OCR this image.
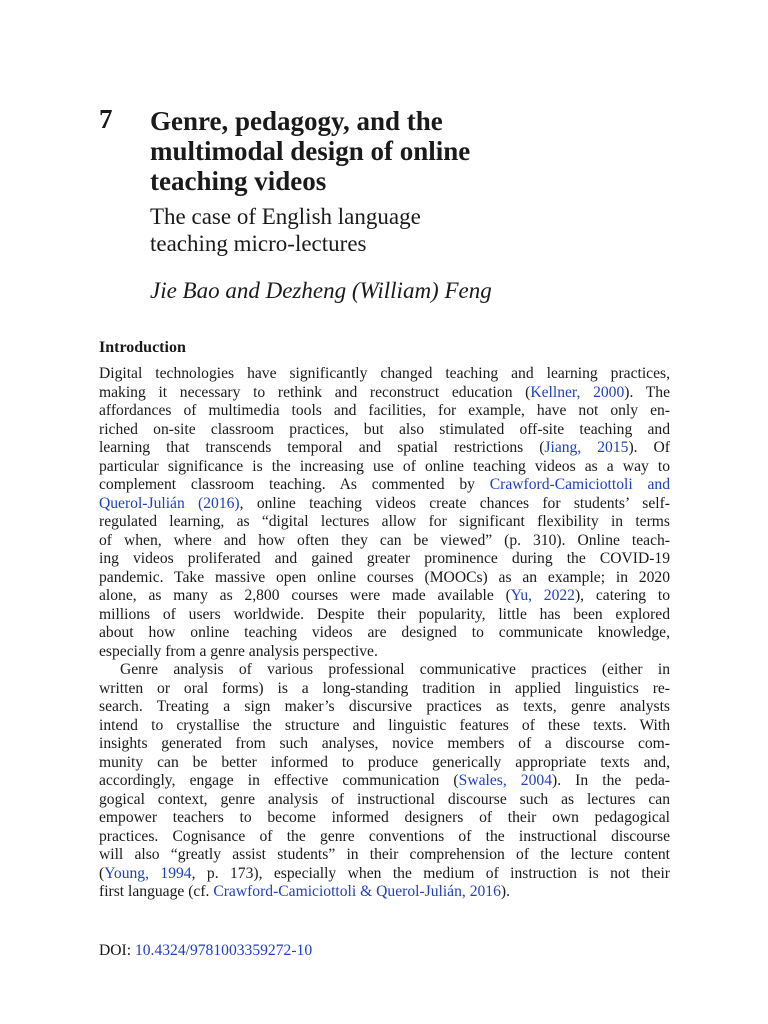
7 Genre, pedagogy, and the
multimodal design of online
teaching videos
The case of English language
teaching micro-lectures
Jie Bao and Dezheng (William) Feng
Introduction
Digital technologies have significantly changed teaching and learning practices,
making it necessary to rethink and reconstruct education (Kellner, 2000). The
affordances of multimedia tools and facilities, for example, have not only en-
riched on-site classroom practices, but also stimulated off-site teaching and
learning that transcends temporal and spatial restrictions (Jiang, 2015). Of
particular significance is the increasing use of online teaching videos as a way to
complement classroom teaching. As commented by Crawford-Camiciottoli and
Querol-Julián (2016), online teaching videos create chances for students’ self-
regulated learning, as “digital lectures allow for significant flexibility in terms
of when, where and how often they can be viewed” (p. 310). Online teach-
ing videos proliferated and gained greater prominence during the COVID-19
pandemic. Take massive open online courses (MOOCs) as an example; in 2020
alone, as many as 2,800 courses were made available (Yu, 2022), catering to
millions of users worldwide. Despite their popularity, little has been explored
about how online teaching videos are designed to communicate knowledge,
especially from a genre analysis perspective.
Genre analysis of various professional communicative practices (either in
written or oral forms) is a long-standing tradition in applied linguistics re-
search. Treating a sign maker’s discursive practices as texts, genre analysts
intend to crystallise the structure and linguistic features of these texts. With
insights generated from such analyses, novice members of a discourse com-
munity can be better informed to produce generically appropriate texts and,
accordingly, engage in effective communication (Swales, 2004). In the peda-
gogical context, genre analysis of instructional discourse such as lectures can
empower teachers to become informed designers of their own pedagogical
practices. Cognisance of the genre conventions of the instructional discourse
will also “greatly assist students” in their comprehension of the lecture content
(Young, 1994, p. 173), especially when the medium of instruction is not their
first language (cf. Crawford-Camiciottoli & Querol-Julián, 2016).
DOI: 10.4324/9781003359272-10
